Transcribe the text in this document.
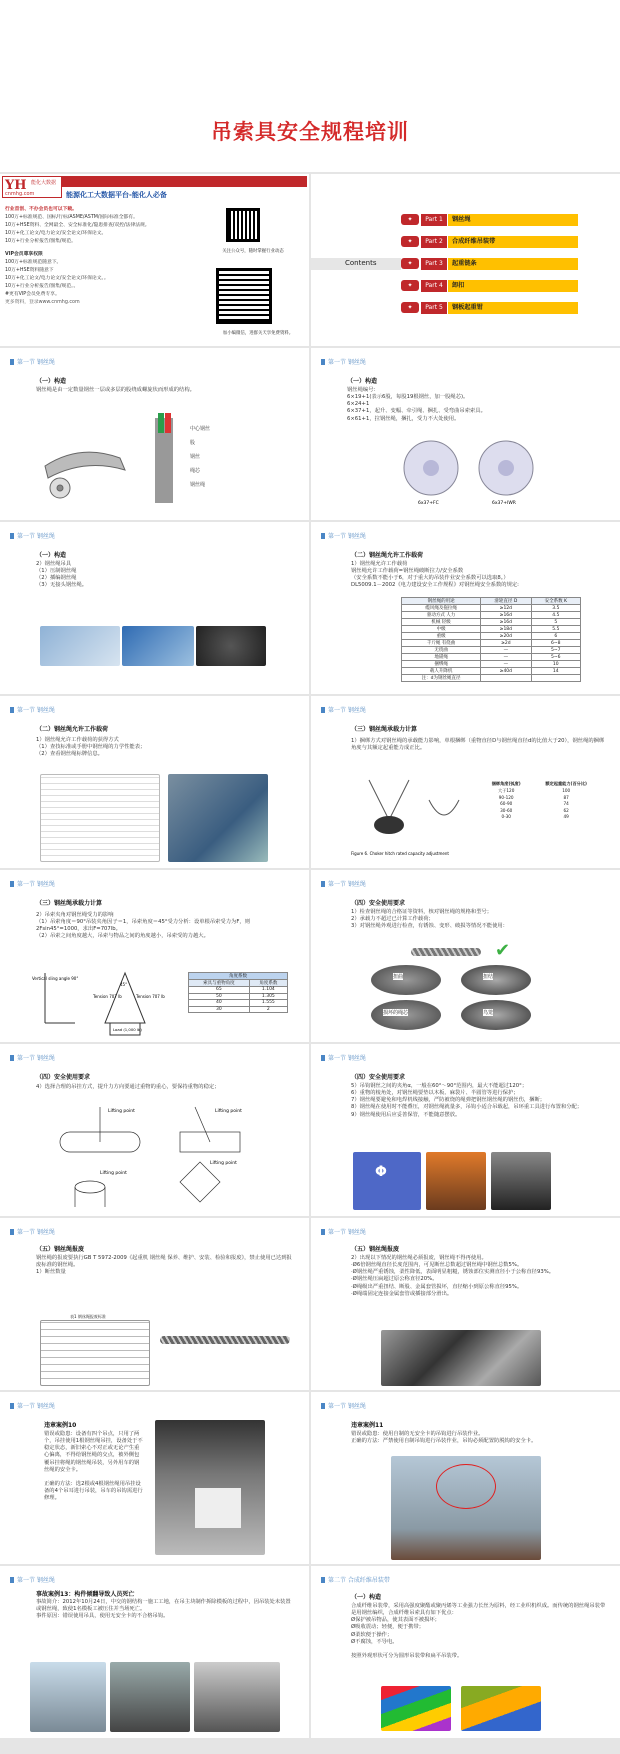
吊索具安全规程培训
YH 能化大数据
cnmhg.com	能源化工大数据平台-能化人必备
行业首创、不办会员也可以下载。
100万+标准规范、国标/行标/ASME/ASTM/国际标准全都有。
10万+HSE资料、全网最全、安全标准化/隐患排查/双控/法律法规。
10万+化工论文/电力论文/安全论文/环保论文。
10万+行业分析报告/图集/规范。
VIP会员尊享权限
100万+标准规范随意下。
10万+HSE资料随意下
10万+化工论文/电力论文/安全论文/环保论文。。
10万+行业分析报告/图集/规范。。
#更有VIP会员免费专享。
更多资料，登录www.cnmhg.com
关注公众号，随时掌握行业动态
加小编微信，进群关天享免费资料。
Contents
✦	Part 1	钢丝绳
✦	Part 2	合成纤维吊装带
✦	Part 3	起重链条
✦	Part 4	卸扣
✦	Part 5	钢板起重钳
第一节 钢丝绳
（一）构造
钢丝绳是由一定数量钢丝一层或多层的股绕成螺旋状而形成的结构。
中心钢丝
股
钢丝
绳芯
钢丝绳
第一节 钢丝绳
（一）构造
钢丝绳编号：
6×19+1(表示6股，每股19根钢丝，加一股绳芯)。
6×24+1
6×37+1，起升、变幅、牵引绳、捆扎、受弯曲吊索索具。
6×61+1，拉钢丝绳，捆扎，受力不大处使用。
6x37+FC	6x37+IWR
第一节 钢丝绳
（一）构造
2）钢丝绳吊具
（1）压制钢丝绳
（2）插编钢丝绳
（3）无接头钢丝绳。
第一节 钢丝绳
（二）钢丝绳允许工作载荷
1）钢丝绳允许工作载荷
钢丝绳允许工作载荷=钢丝绳破断拉力/安全系数
（安全系数不能小于6，对于重大的吊装作业安全系数可以选取8。）
DL5009.1－2002《电力建设安全工作规程》对钢丝绳安全系数的规定:
钢丝绳的用途	滑轮直径 D	安全系数 K
缆风绳及拖拉绳	≥12d	3.5
驱动方式 人力	≥16d	4.5
机械 轻级	≥16d	5
中级	≥18d	5.5
重级	≥20d	6
千斤绳 有绕曲	≥2d	6~8
无绕曲	—	5~7
地锚绳	—	5~6
捆绑绳	—	10
载人升降机	≥40d	14
注：d为钢丝绳直径		
第一节 钢丝绳
（二）钢丝绳允许工作载荷
1）钢丝绳允许工作载荷的获得方式
（1）查技标准或手册中钢丝绳的力学性能表；
（2）查看钢丝绳标牌信息。
第一节 钢丝绳
（三）钢丝绳承载力计算
1）捆绑方式对钢丝绳的承载能力影响，单根捆绑（重物直径D与钢丝绳直径d的比值大于20），钢丝绳的捆绑角度与其额定起重能力成正比。
Figure 6. Choker hitch rated capacity adjustment
捆绑角度(弧度)	额定起重能力(百分比)
大于120	100
90-120	87
60-90	74
30-60	62
0-30	49
第一节 钢丝绳
（三）钢丝绳承载力计算
2）吊索夹角对钢丝绳受力的影响
（1）吊索角度＝90°吊装夹角因子＝1，吊索角度＝45°受力分析：设单根吊索受力为F，则2Fsin45°=1000，求出F=707lb。
（2）吊索之间角度越大，吊索与物品之间的角度越小，吊索受的力越大。
Vertical sling angle 90°
Tension 707 lb	Tension 707 lb
Load (1,000 lb)
45°
角度系数	
索具与重物角度	角度系数
65	1.104
50	1.305
40	1.555
30	2
第一节 钢丝绳
（四）安全使用要求
1）检查钢丝绳的合格证等资料，核对钢丝绳的规格和型号；
2）承载力不超过已计算工作载荷；
3）对钢丝绳外观进行检查，有锈蚀、变形、破损等情况不能使用：
✔
扭曲	扭结
损坏的绳芯	鸟笼
第一节 钢丝绳
（四）安全使用要求
4）选择合理的吊挂方式，提升力方向要通过重物的重心，要保持重物的稳定；
Lifting point	Lifting point
Lifting point
Lifting point
第一节 钢丝绳
（四）安全使用要求
5）吊钩钢丝之间的夹角α，一般在60°～90°范围内，最大不能超过120°；
6）重物的棱角处，对钢丝绳要垫以木板、麻袋片、半圆管等进行保护；
7）钢丝绳要避免和电焊机线接触，严防被烧的绳弹把钢丝钢丝绳的钢丝伤，捆断；
8）钢丝绳在使用时不能叠压，对钢丝绳就量多，吊钩小适合吊载起，吊环重工具进行布置和分配；
9）钢丝绳使用后应妥善保管，不能随意摆放。
Φ
第一节 钢丝绳
（五）钢丝绳报废
钢丝绳的报废要执行GB T 5972-2009《起重机 钢丝绳 保养、维护、安装、检验和报废》，禁止使用已达到报废标准的钢丝绳。
1）断丝数量
表1 钢丝绳报废标准
第一节 钢丝绳
（五）钢丝绳报废
2）出现以下情况的钢丝绳必须报废，钢丝绳不得再使用。
·Ø6倍钢丝绳直径长度范围内，可见断丝总数超过钢丝绳中钢丝总数5%。
·Ø钢丝绳严重锈蚀，柔性降低，表面明显粗糙，锈蚀部位实测直径小于公称直径93%。
·Ø钢丝绳压扁超过原公称直径20%。
·Ø绳级出严重扭结、断股、金属套管损坏，直径缩小到原公称直径95%。
·Ø绳端固定连接金属套管或插接部分滑出。
第一节 钢丝绳
违章案例10
错误或隐患：设备有四个吊点，只用了两个，吊挂使用1根钢丝绳吊挂，设备处于不稳定状态，新旧索心不对正或无论产生重心偏离，不得给钢丝绳的交点，被外侧包覆吊挂将绳的钢丝绳吊装，另外用车的钢丝绳的安全卡。

正确的方法：选2根或4根钢丝绳用吊挂设备的4个吊耳进行吊装，吊车的吊钩需进行修理。
第一节 钢丝绳
违章案例11
错误或隐患：使用自制的无安全卡的吊钩进行吊装作业。
正确的方法：严禁使用自制吊钩进行吊装作业，吊钩必须配置防脱钩的安全卡。
第一节 钢丝绳
事故案例13：构件倾翻导致人员死亡
事故简介：2012年10月24日，中交的钢结构一施工工地，在吊主块制作拆除模板的过程中，因吊装处未装置或钢丝绳，致使1名模板工被压住并当场死亡。
事件原因：错误使用吊具，使用无安全卡的不合格吊钩。
第二节 合成纤维吊装带
（一）构造
合成纤维吊装带，采用高强度聚酯或聚丙烯等工业强力长丝为原料，经工业织机织成。而传统的钢丝绳吊装带是用钢丝编织，合成纤维吊索具有如下优点：
Ø保护被吊物品，使其表面不被损坏；
Ø吸收震动；轻便，便于携带；
Ø柔软便于操作；
Ø不腐蚀，不导电。

按照外观形状可分为圆形吊装带和扁平吊装带。
